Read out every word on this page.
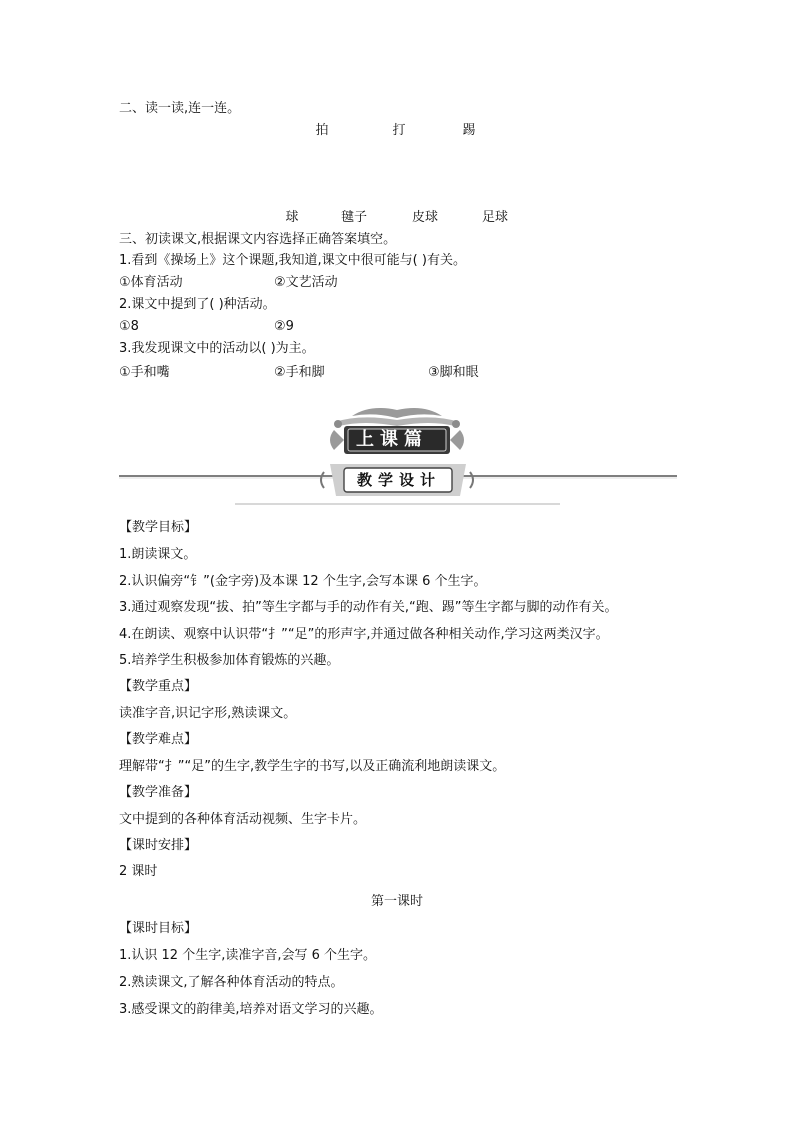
二、读一读,连一连。
拍	打	踢
球	毽子	皮球	足球
三、初读课文,根据课文内容选择正确答案填空。
1.看到《操场上》这个课题,我知道,课文中很可能与( )有关。
①体育活动	②文艺活动
2.课文中提到了( )种活动。
①8	②9
3.我发现课文中的活动以( )为主。
①手和嘴	②手和脚	③脚和眼
上课篇
教学设计
【教学目标】
1.朗读课文。
2.认识偏旁“钅”(金字旁)及本课 12 个生字,会写本课 6 个生字。
3.通过观察发现“拔、拍”等生字都与手的动作有关,“跑、踢”等生字都与脚的动作有关。
4.在朗读、观察中认识带“扌”“足”的形声字,并通过做各种相关动作,学习这两类汉字。
5.培养学生积极参加体育锻炼的兴趣。
【教学重点】
读准字音,识记字形,熟读课文。
【教学难点】
理解带“扌”“足”的生字,教学生字的书写,以及正确流利地朗读课文。
【教学准备】
文中提到的各种体育活动视频、生字卡片。
【课时安排】
2 课时
第一课时
【课时目标】
1.认识 12 个生字,读准字音,会写 6 个生字。
2.熟读课文,了解各种体育活动的特点。
3.感受课文的韵律美,培养对语文学习的兴趣。
